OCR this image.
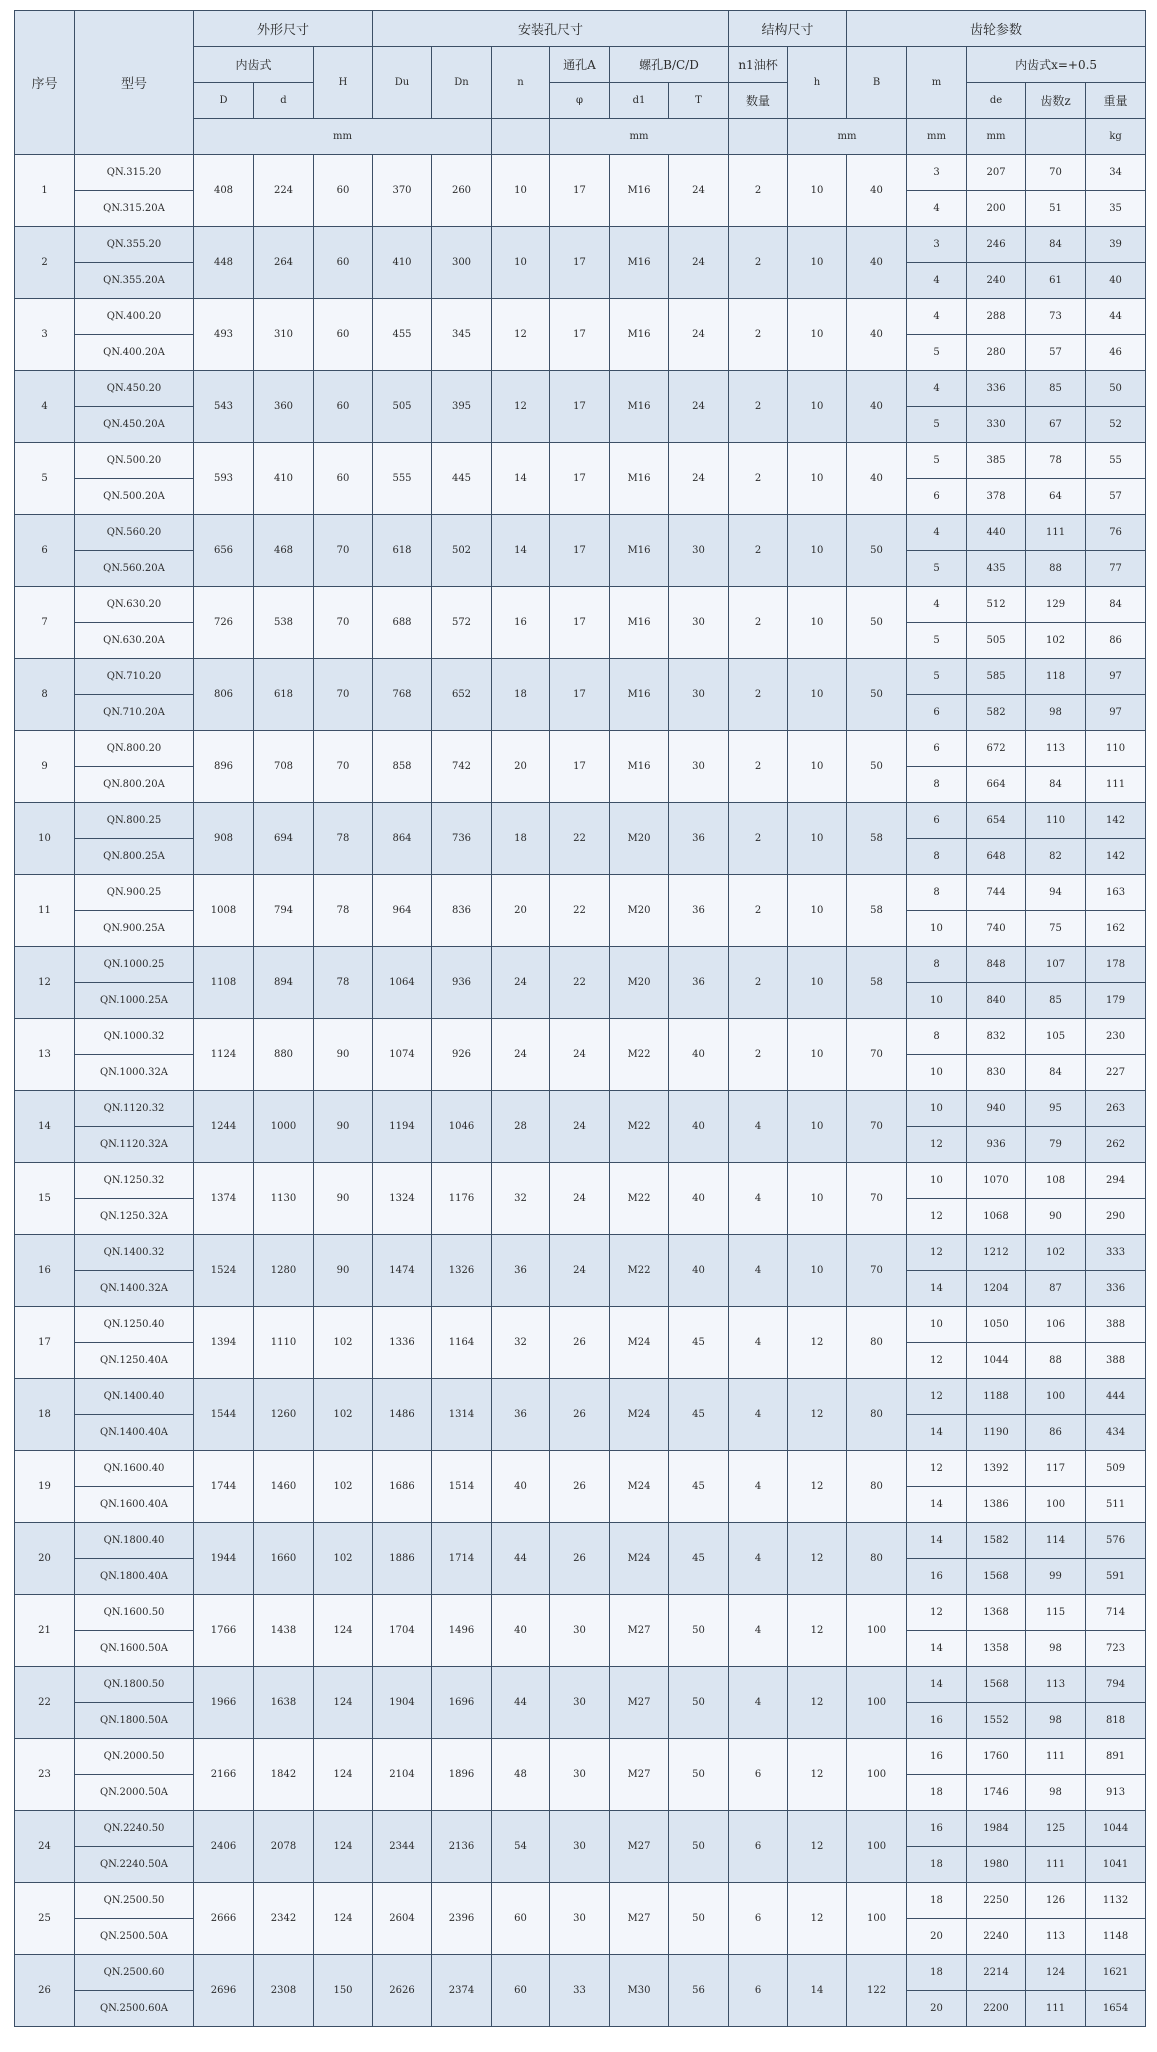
序号	型号	外形尺寸			安装孔尺寸						结构尺寸		齿轮参数				
		内齿式		H	Du	Dn	n	通孔A	螺孔B/C/D		n1油杯	h	B	m	内齿式x=+0.5		
		D	d					φ	d1	T	数量				de	齿数z	重量
		mm						mm				mm		mm	mm		kg
1	QN.315.20	408	224	60	370	260	10	17	M16	24	2	10	40	3	207	70	34
	QN.315.20A													4	200	51	35
2	QN.355.20	448	264	60	410	300	10	17	M16	24	2	10	40	3	246	84	39
	QN.355.20A													4	240	61	40
3	QN.400.20	493	310	60	455	345	12	17	M16	24	2	10	40	4	288	73	44
	QN.400.20A													5	280	57	46
4	QN.450.20	543	360	60	505	395	12	17	M16	24	2	10	40	4	336	85	50
	QN.450.20A													5	330	67	52
5	QN.500.20	593	410	60	555	445	14	17	M16	24	2	10	40	5	385	78	55
	QN.500.20A													6	378	64	57
6	QN.560.20	656	468	70	618	502	14	17	M16	30	2	10	50	4	440	111	76
	QN.560.20A													5	435	88	77
7	QN.630.20	726	538	70	688	572	16	17	M16	30	2	10	50	4	512	129	84
	QN.630.20A													5	505	102	86
8	QN.710.20	806	618	70	768	652	18	17	M16	30	2	10	50	5	585	118	97
	QN.710.20A													6	582	98	97
9	QN.800.20	896	708	70	858	742	20	17	M16	30	2	10	50	6	672	113	110
	QN.800.20A													8	664	84	111
10	QN.800.25	908	694	78	864	736	18	22	M20	36	2	10	58	6	654	110	142
	QN.800.25A													8	648	82	142
11	QN.900.25	1008	794	78	964	836	20	22	M20	36	2	10	58	8	744	94	163
	QN.900.25A													10	740	75	162
12	QN.1000.25	1108	894	78	1064	936	24	22	M20	36	2	10	58	8	848	107	178
	QN.1000.25A													10	840	85	179
13	QN.1000.32	1124	880	90	1074	926	24	24	M22	40	2	10	70	8	832	105	230
	QN.1000.32A													10	830	84	227
14	QN.1120.32	1244	1000	90	1194	1046	28	24	M22	40	4	10	70	10	940	95	263
	QN.1120.32A													12	936	79	262
15	QN.1250.32	1374	1130	90	1324	1176	32	24	M22	40	4	10	70	10	1070	108	294
	QN.1250.32A													12	1068	90	290
16	QN.1400.32	1524	1280	90	1474	1326	36	24	M22	40	4	10	70	12	1212	102	333
	QN.1400.32A													14	1204	87	336
17	QN.1250.40	1394	1110	102	1336	1164	32	26	M24	45	4	12	80	10	1050	106	388
	QN.1250.40A													12	1044	88	388
18	QN.1400.40	1544	1260	102	1486	1314	36	26	M24	45	4	12	80	12	1188	100	444
	QN.1400.40A													14	1190	86	434
19	QN.1600.40	1744	1460	102	1686	1514	40	26	M24	45	4	12	80	12	1392	117	509
	QN.1600.40A													14	1386	100	511
20	QN.1800.40	1944	1660	102	1886	1714	44	26	M24	45	4	12	80	14	1582	114	576
	QN.1800.40A													16	1568	99	591
21	QN.1600.50	1766	1438	124	1704	1496	40	30	M27	50	4	12	100	12	1368	115	714
	QN.1600.50A													14	1358	98	723
22	QN.1800.50	1966	1638	124	1904	1696	44	30	M27	50	4	12	100	14	1568	113	794
	QN.1800.50A													16	1552	98	818
23	QN.2000.50	2166	1842	124	2104	1896	48	30	M27	50	6	12	100	16	1760	111	891
	QN.2000.50A													18	1746	98	913
24	QN.2240.50	2406	2078	124	2344	2136	54	30	M27	50	6	12	100	16	1984	125	1044
	QN.2240.50A													18	1980	111	1041
25	QN.2500.50	2666	2342	124	2604	2396	60	30	M27	50	6	12	100	18	2250	126	1132
	QN.2500.50A													20	2240	113	1148
26	QN.2500.60	2696	2308	150	2626	2374	60	33	M30	56	6	14	122	18	2214	124	1621
	QN.2500.60A													20	2200	111	1654
